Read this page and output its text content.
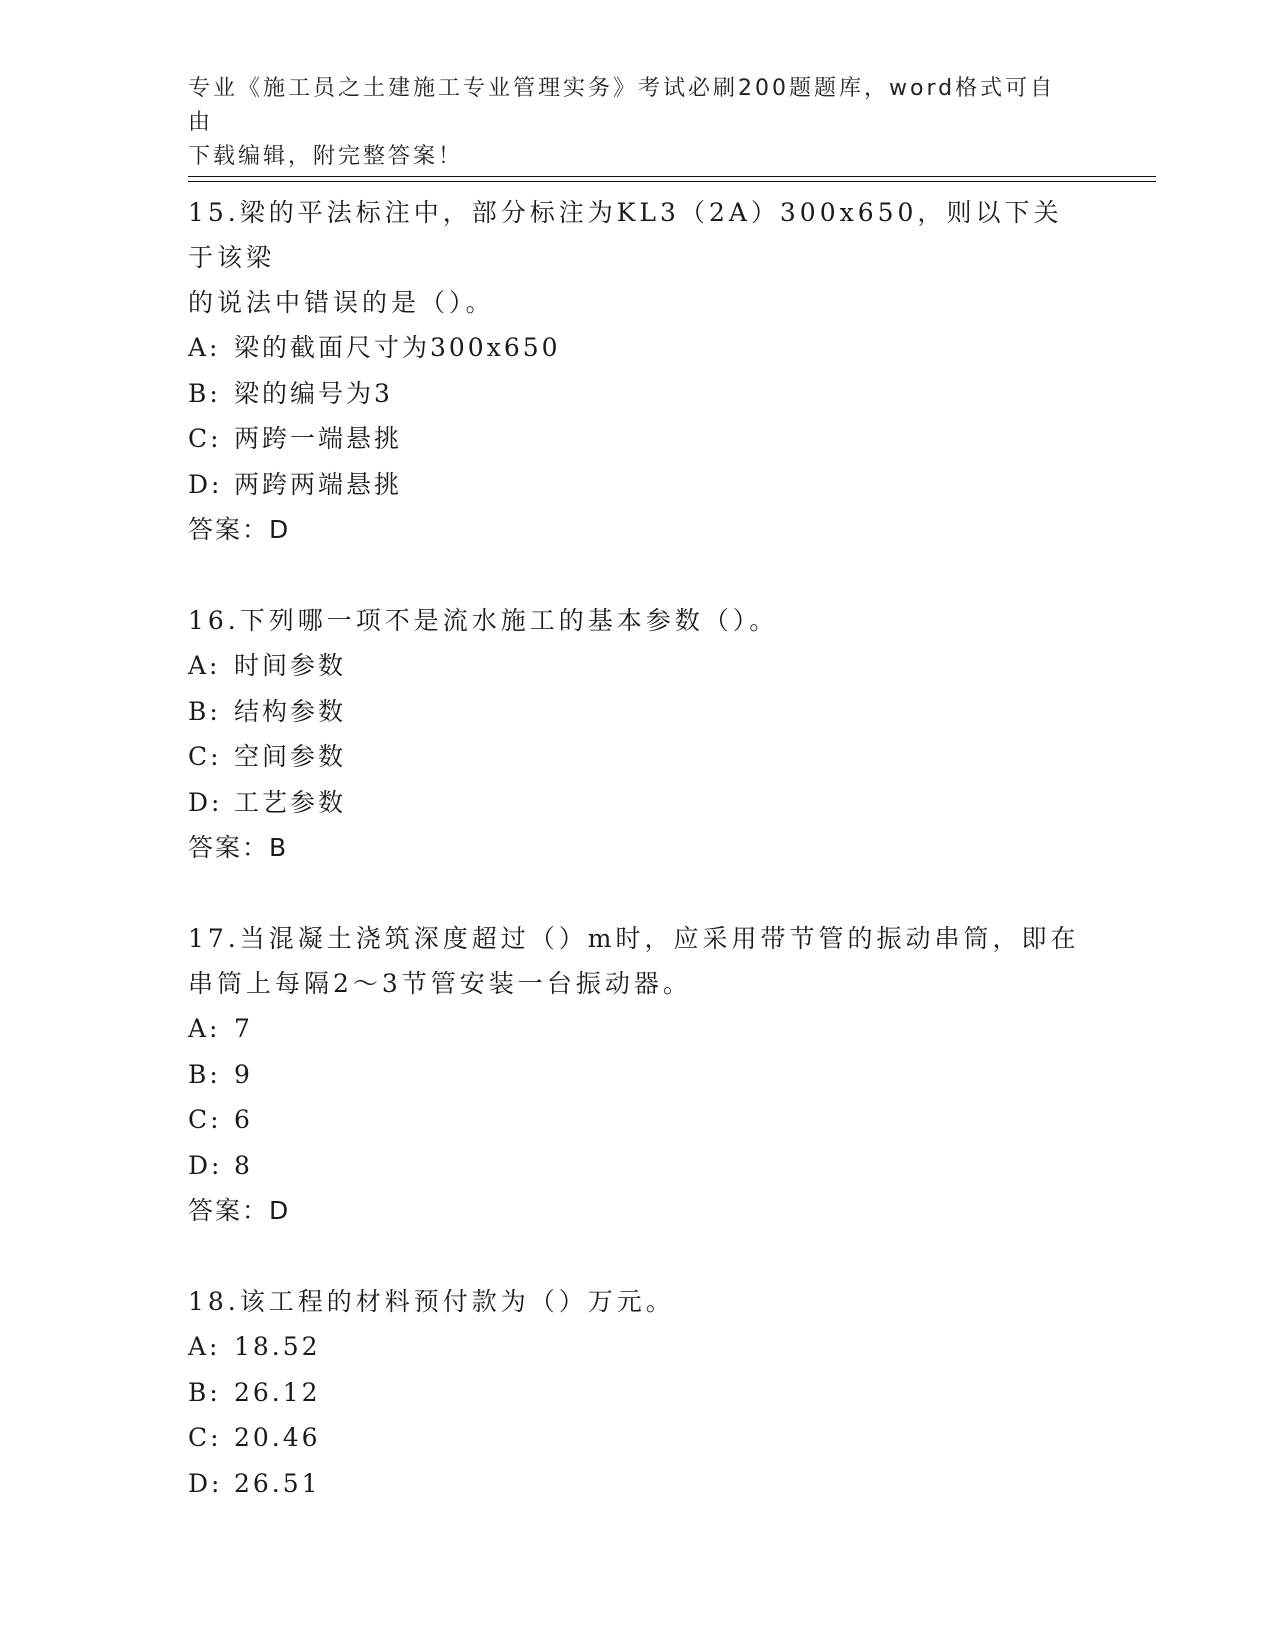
专业《施工员之土建施工专业管理实务》考试必刷200题题库，word格式可自由
下载编辑，附完整答案！

15.梁的平法标注中，部分标注为KL3（2A）300x650，则以下关于该梁

的说法中错误的是（）。

A: 梁的截面尺寸为300x650

B: 梁的编号为3

C: 两跨一端悬挑

D: 两跨两端悬挑

答案：D

16.下列哪一项不是流水施工的基本参数（）。

A: 时间参数

B: 结构参数

C: 空间参数

D: 工艺参数

答案：B

17.当混凝土浇筑深度超过（）m时，应采用带节管的振动串筒，即在

串筒上每隔2～3节管安装一台振动器。

A: 7

B: 9

C: 6

D: 8

答案：D

18.该工程的材料预付款为（）万元。

A: 18.52

B: 26.12

C: 20.46

D: 26.51
